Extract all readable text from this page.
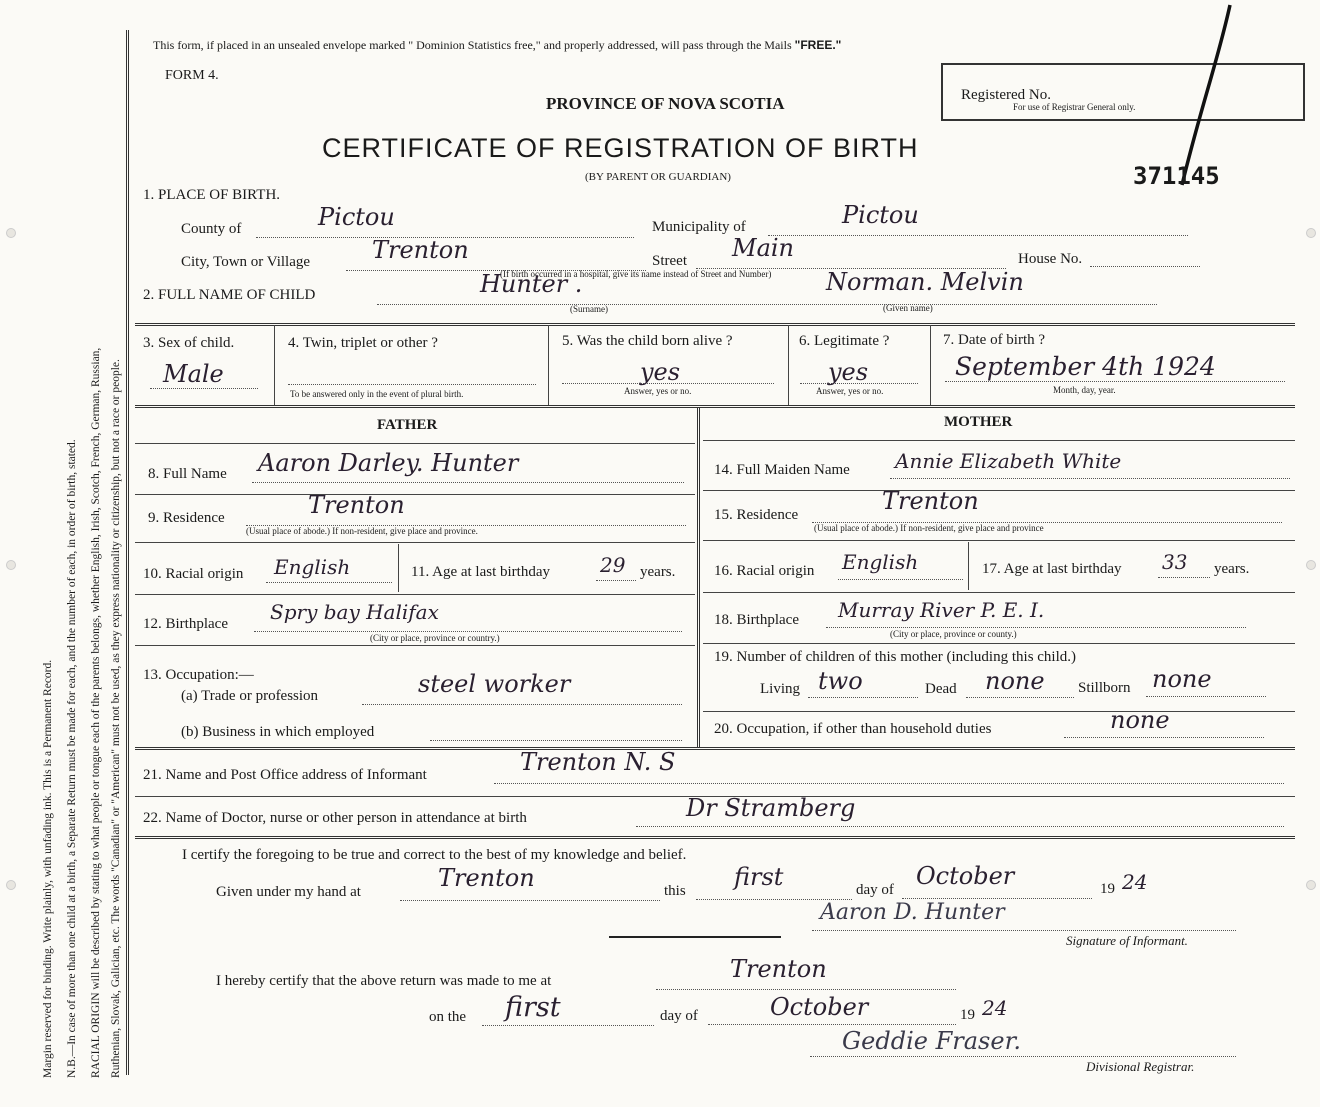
Margin reserved for binding. Write plainly, with unfading ink. This is a Permanent Record. N.B.—In case of more than one child at a birth, a Separate Return must be made for each, and the number of each, in order of birth, stated. RACIAL ORIGIN will be described by stating to what people or tongue each of the parents belongs, whether English, Irish, Scotch, French, German, Russian, Ruthenian, Slovak, Galician, etc. The words "Canadian" or "American" must not be used, as they express nationality or citizenship, but not a race or people.
This form, if placed in an unsealed envelope marked " Dominion Statistics free," and properly addressed, will pass through the Mails "FREE."
FORM 4.
PROVINCE OF NOVA SCOTIA
CERTIFICATE OF REGISTRATION OF BIRTH
(BY PARENT OR GUARDIAN)
Registered No.
For use of Registrar General only.
371145
1. PLACE OF BIRTH.
County of	Pictou	Municipality of	Pictou
City, Town or Village	Trenton	Street Main	House No.
(If birth occurred in a hospital, give its name instead of Street and Number)
2. FULL NAME OF CHILD	Hunter .	Norman. Melvin
(Surname)	(Given name)
3. Sex of child.
Male
4. Twin, triplet or other ?
To be answered only in the event of plural birth.
5. Was the child born alive ?
yes
Answer, yes or no.
6. Legitimate ?
yes
Answer, yes or no.
7. Date of birth ?
September 4th 1924
Month, day, year.
FATHER	MOTHER
8. Full Name Aaron Darley. Hunter	14. Full Maiden Name Annie Elizabeth White
9. Residence	Trenton
(Usual place of abode.) If non-resident, give place and province.
15. Residence	Trenton
(Usual place of abode.) If non-resident, give place and province
10. Racial origin English	11. Age at last birthday	29 years.	16. Racial origin English	17. Age at last birthday 33 years.
12. Birthplace Spry bay Halifax
(City or place, province or country.)
18. Birthplace Murray River P. E. I.
(City or place, province or county.)
13. Occupation:—
(a) Trade or profession	steel worker
(b) Business in which employed
19. Number of children of this mother (including this child.)
Living two	Dead none Stillborn none
20. Occupation, if other than household duties	none
21. Name and Post Office address of Informant	Trenton N. S
22. Name of Doctor, nurse or other person in attendance at birth	Dr Stramberg
I certify the foregoing to be true and correct to the best of my knowledge and belief.
Given under my hand at	Trenton	this first	day of October	19 24
Aaron D. Hunter
Signature of Informant.
I hereby certify that the above return was made to me at	Trenton
on the first	day of	October	19 24
Geddie Fraser.
Divisional Registrar.
